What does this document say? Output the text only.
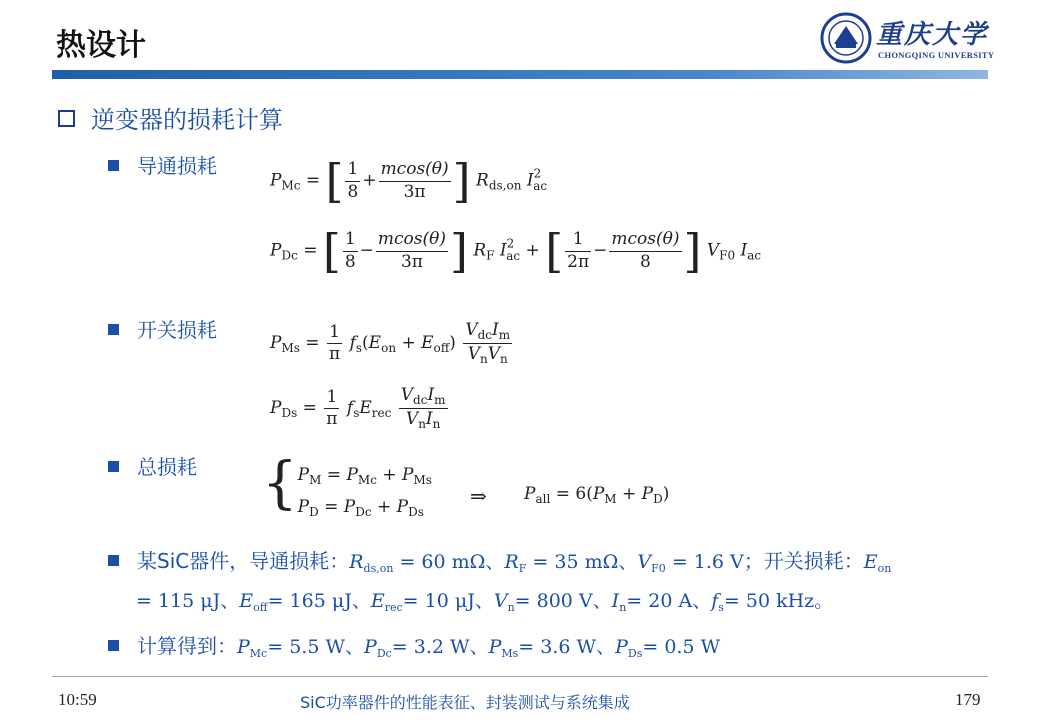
热设计	重庆大学
CHONGQING UNIVERSITY
逆变器的损耗计算
导通损耗
$P_{Mc}$ = [ $\frac{1}{8} + \frac{mcos(\theta)}{3\pi}$ ] $R_{ds,on}$ $I^2_{ac}$
$P_{Dc}$ = [ $\frac{1}{8} - \frac{mcos(\theta)}{3\pi}$ ] $R_F$ $I^2_{ac}$ + [ $\frac{1}{2\pi} - \frac{mcos(\theta)}{8}$ ] $V_{F0}$ $I_{ac}$
开关损耗
$P_{Ms} = \frac{1}{\pi} f_s(E_{on} + E_{off}) \frac{V_{dc}I_m}{V_nV_n}$
$P_{Ds} = \frac{1}{\pi} f_sE_{rec} \frac{V_{dc}I_m}{V_nI_n}$
总损耗 { $P_M = P_{Mc} + P_{Ms}$
$P_D = P_{Dc} + P_{Ds}$
⇒ $P_{all} = 6(P_M + P_D)$
某SiC器件，导通损耗：$R_{ds,on} = 60$ mΩ、$R_F = 35$ mΩ、$V_{F0} = 1.6$ V；开关损耗：$E_{on}$
= 115 μJ、$E_{off}= 165$ μJ、$E_{rec}= 10$ μJ、$V_n= 800$ V、$I_n= 20$ A、$f_s= 50$ kHz。
计算得到：$P_{Mc}= 5.5$ W、$P_{Dc}= 3.2$ W、$P_{Ms}= 3.6$ W、$P_{Ds}= 0.5$ W
10:59	SiC功率器件的性能表征、封装测试与系统集成	179
